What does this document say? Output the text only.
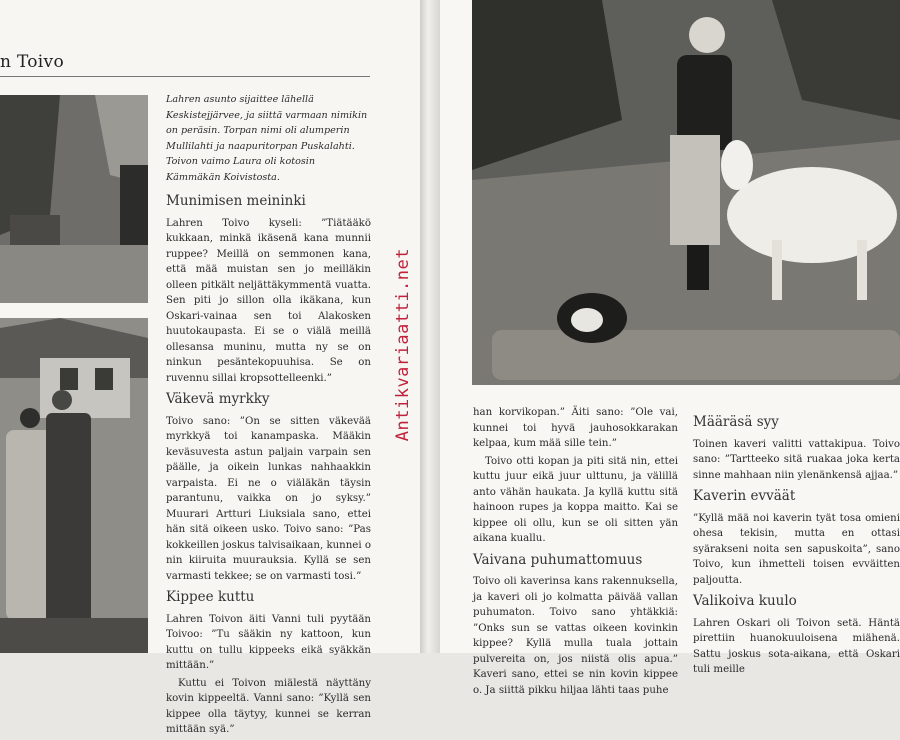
n Toivo
Lahren asunto sijaittee lähellä Keskistejjärvee, ja siittä varmaan nimikin on peräsin. Torpan nimi oli alumperin Mullilahti ja naapuritorpan Puskalahti. Toivon vaimo Laura oli kotosin Kämmäkän Koivistosta.
Munimisen meininki

Lahren Toivo kyseli: ”Tiätääkö kukkaan, minkä ikäsenä kana munnii ruppee? Meillä on semmonen kana, että mää muistan sen jo meilläkin olleen pitkält neljättäkymmentä vuatta. Sen piti jo sillon olla ikäkana, kun Oskari-vainaa sen toi Alakosken huutokaupasta. Ei se o viälä meillä ollesansa muninu, mutta ny se on ninkun pesäntekopuuhisa. Se on ruvennu sillai kropsottelleenki.”

Väkevä myrkky

Toivo sano: ”On se sitten väkevää myrkkyä toi kanampaska. Määkin keväsuvesta astun paljain varpain sen päälle, ja oikein lunkas nahhaakkin varpaista. Ei ne o viäläkän täysin parantunu, vaikka on jo syksy.” Muurari Artturi Liuksiala sano, ettei hän sitä oikeen usko. Toivo sano: ”Pas kokkeillen joskus talvisaikaan, kunnei o nin kiiruita muurauksia. Kyllä se sen varmasti tekkee; se on varmasti tosi.”

Kippee kuttu

Lahren Toivon äiti Vanni tuli pyytään Toivoo: ”Tu sääkin ny kattoon, kun kuttu on tullu kippeeks eikä syäkkän mittään.”

Kuttu ei Toivon miälestä näyttäny kovin kippeeltä. Vanni sano: ”Kyllä sen kippee olla täytyy, kunnei se kerran mittään syä.”

Antikvariaatti.net	han korvikopan.” Äiti sano: ”Ole vai, kunnei toi hyvä jauhosokkarakan kelpaa, kum mää sille tein.”

Toivo otti kopan ja piti sitä nin, ettei kuttu juur eikä juur ulttunu, ja välillä anto vähän haukata. Ja kyllä kuttu sitä hainoon rupes ja koppa maitto. Kai se kippee oli ollu, kun se oli sitten yän aikana kuallu.

Vaivana puhumattomuus

Toivo oli kaverinsa kans rakennuksella, ja kaveri oli jo kolmatta päivää vallan puhumaton. Toivo sano yhtäkkiä: ”Onks sun se vattas oikeen kovinkin kippee? Kyllä mulla tuala jottain pulvereita on, jos niistä olis apua.” Kaveri sano, ettei se nin kovin kippee o. Ja siittä pikku hiljaa lähti taas puhe

Määräsä syy

Toinen kaveri valitti vattakipua. Toivo sano: ”Tartteeko sitä ruakaa joka kerta sinne mahhaan niin ylenänkensä ajjaa.”

Kaverin evväät

”Kyllä mää noi kaverin tyät tosa omieni ohesa tekisin, mutta en ottasi syärakseni noita sen sapuskoita”, sano Toivo, kun ihmetteli toisen evväitten paljoutta.

Valikoiva kuulo

Lahren Oskari oli Toivon setä. Häntä pirettiin huanokuuloisena miähenä. Sattu joskus sota-aikana, että Oskari tuli meille
